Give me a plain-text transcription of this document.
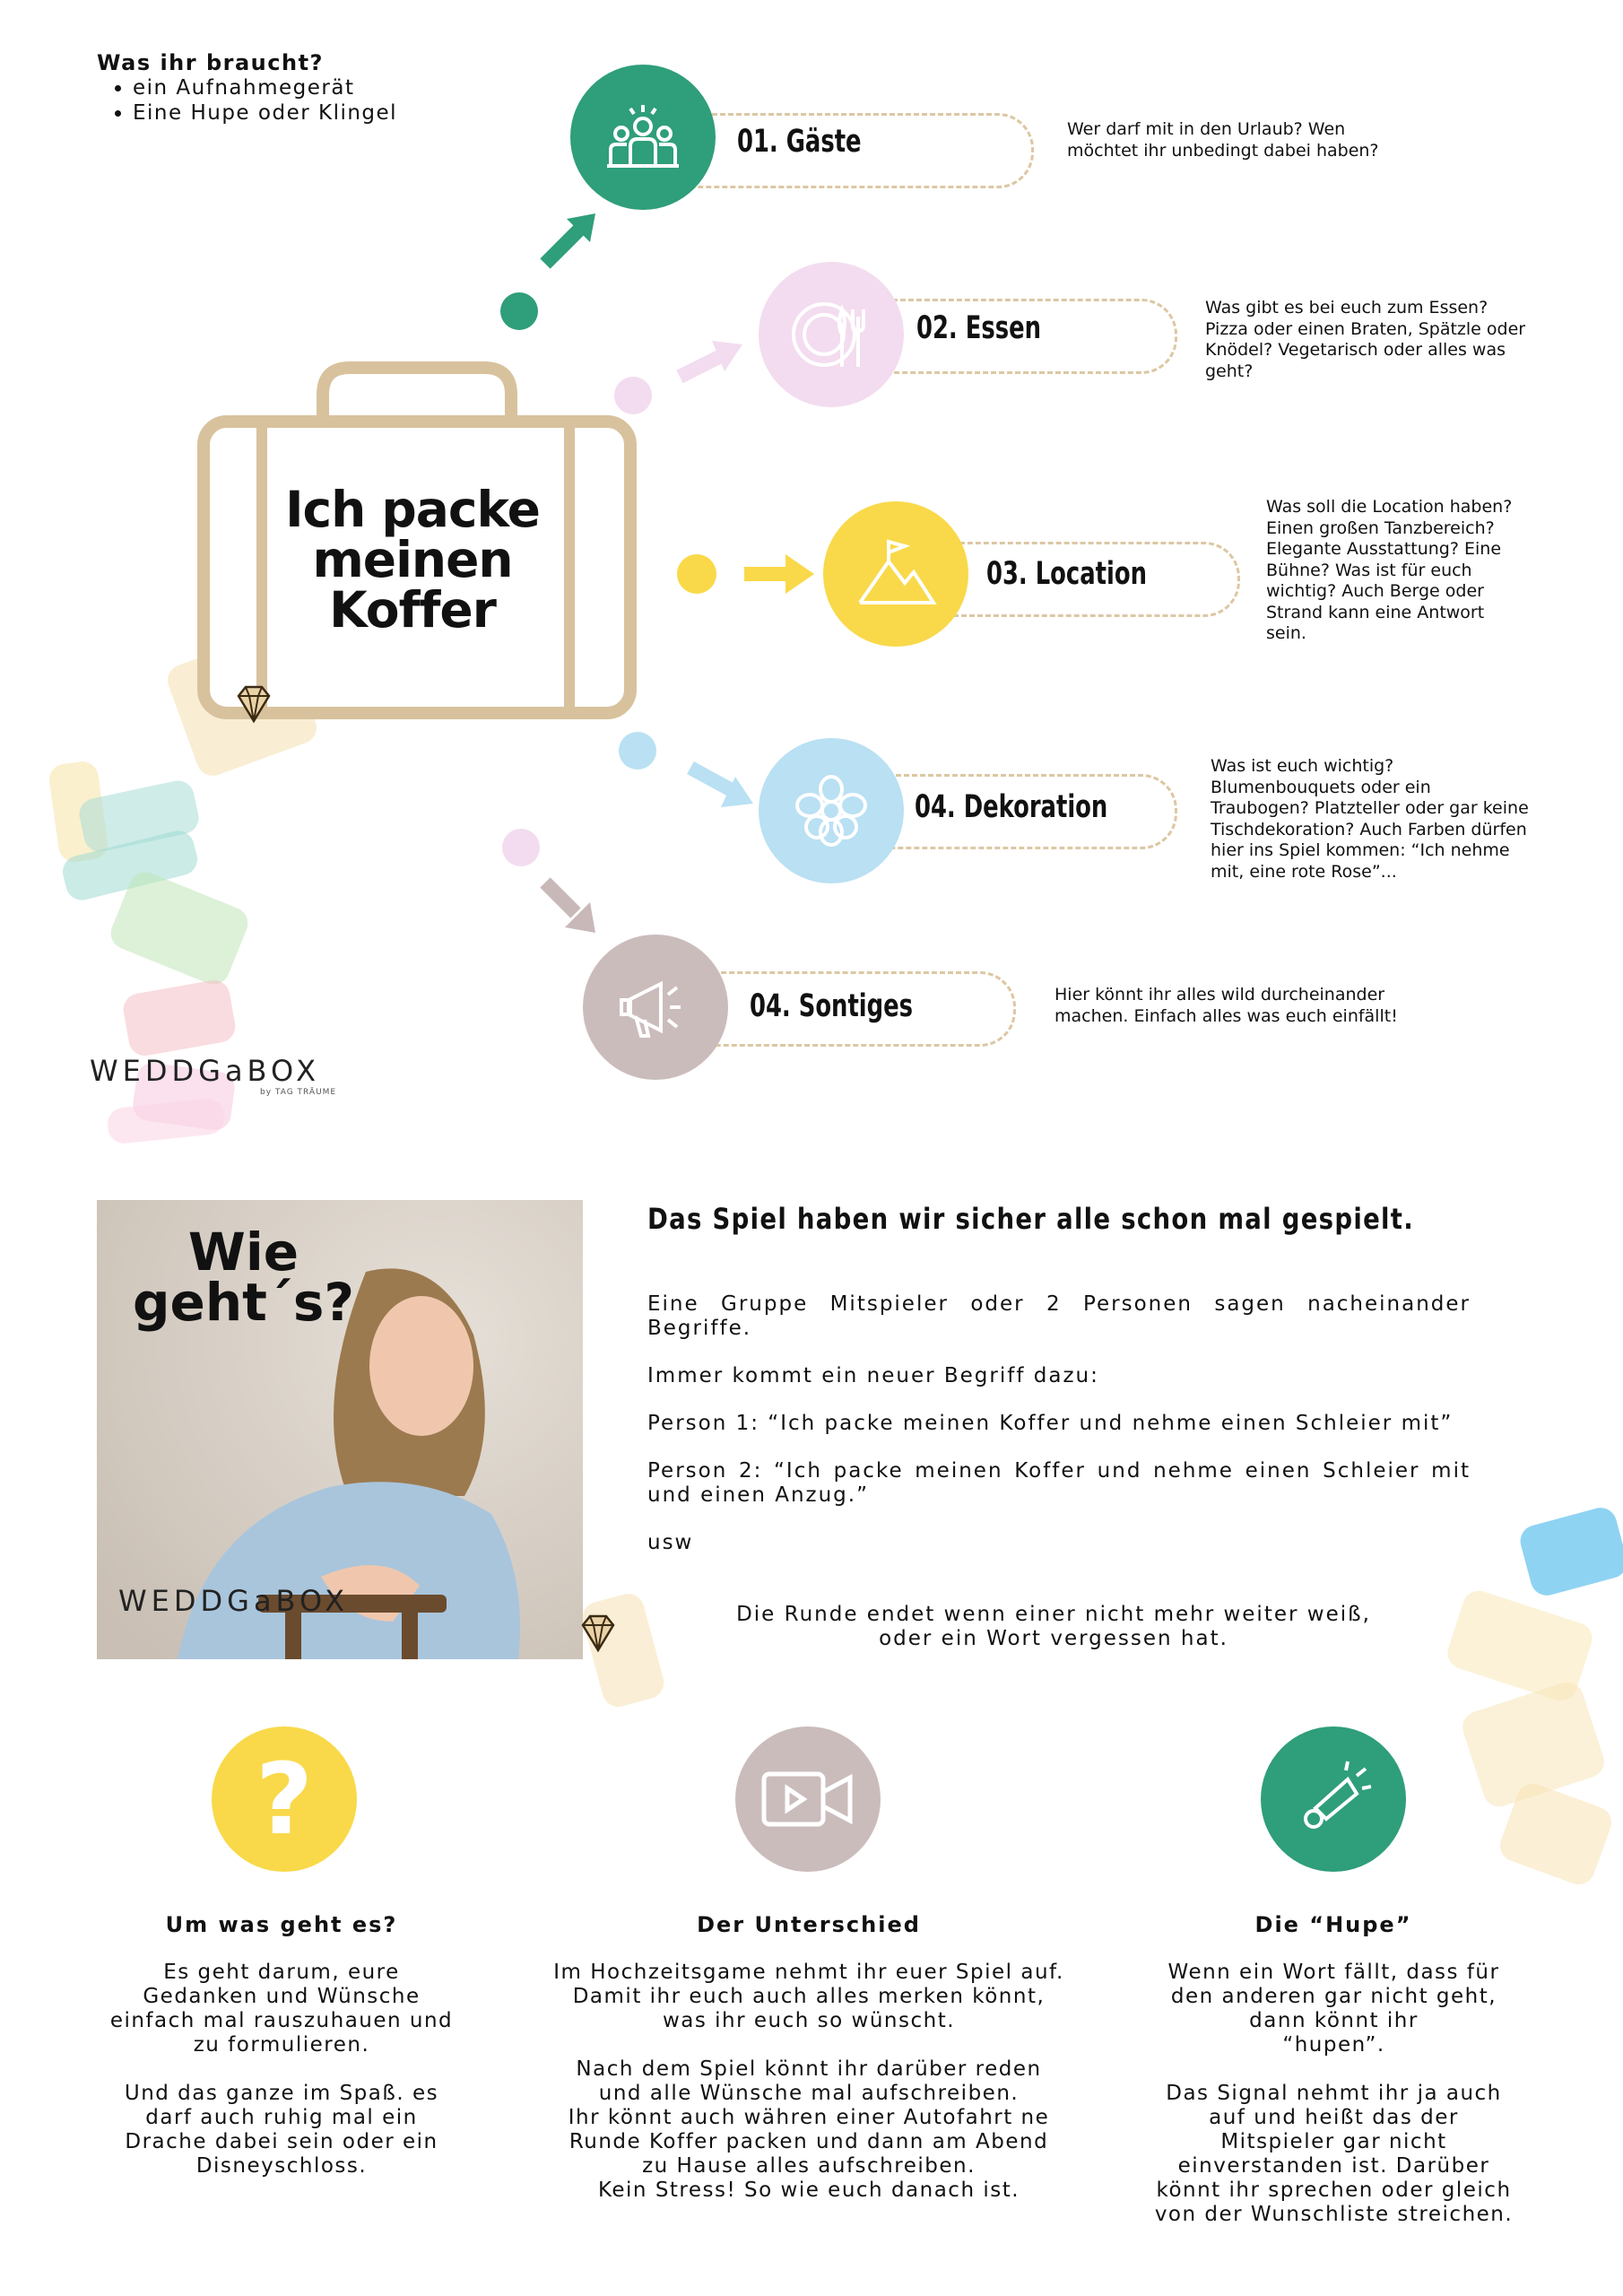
Was ihr braucht?
• ein Aufnahmegerät
• Eine Hupe oder Klingel
Ich packe
meinen
Koffer
01. Gäste	Wer darf mit in den Urlaub? Wen möchtet ihr unbedingt dabei haben?
02. Essen
Was gibt es bei euch zum Essen? Pizza oder einen Braten, Spätzle oder Knödel? Vegetarisch oder alles was geht?
03. Location
Was soll die Location haben? Einen großen Tanzbereich? Elegante Ausstattung? Eine Bühne? Was ist für euch wichtig? Auch Berge oder Strand kann eine Antwort sein.
04. Dekoration
Was ist euch wichtig? Blumenbouquets oder ein Traubogen? Platzteller oder gar keine Tischdekoration? Auch Farben dürfen hier ins Spiel kommen: “Ich nehme mit, eine rote Rose”...
04. Sontiges	Hier könnt ihr alles wild durcheinander machen. Einfach alles was euch einfällt!
WEDDGaBOX
by TAG TRÄUME
Wie
geht´s?
WEDDGaBOX
Das Spiel haben wir sicher alle schon mal gespielt.
Eine Gruppe Mitspieler oder 2 Personen sagen nacheinander Begriffe.
Immer kommt ein neuer Begriff dazu:
Person 1: “Ich packe meinen Koffer und nehme einen Schleier mit”
Person 2: “Ich packe meinen Koffer und nehme einen Schleier mit und einen Anzug.”
usw
Die Runde endet wenn einer nicht mehr weiter weiß,
oder ein Wort vergessen hat.
?
Um was geht es?
Es geht darum, eure
Gedanken und Wünsche
einfach mal rauszuhauen und
zu formulieren.

Und das ganze im Spaß. es
darf auch ruhig mal ein
Drache dabei sein oder ein
Disneyschloss.
Der Unterschied
Im Hochzeitsgame nehmt ihr euer Spiel auf.
Damit ihr euch auch alles merken könnt,
was ihr euch so wünscht.

Nach dem Spiel könnt ihr darüber reden
und alle Wünsche mal aufschreiben.
Ihr könnt auch währen einer Autofahrt ne
Runde Koffer packen und dann am Abend
zu Hause alles aufschreiben.
Kein Stress! So wie euch danach ist.
Die “Hupe”
Wenn ein Wort fällt, dass für
den anderen gar nicht geht,
dann könnt ihr
“hupen”.

Das Signal nehmt ihr ja auch
auf und heißt das der
Mitspieler gar nicht
einverstanden ist. Darüber
könnt ihr sprechen oder gleich
von der Wunschliste streichen.
